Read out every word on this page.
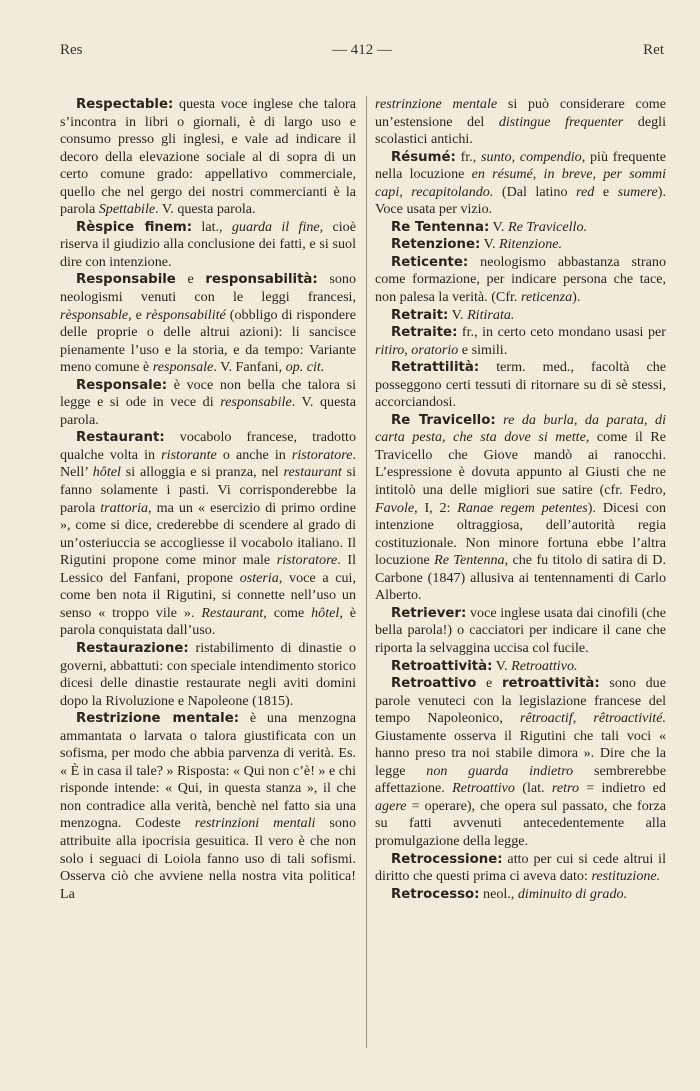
Res	— 412 —	Ret

Respectable: questa voce inglese che talora s’incontra in libri o giornali, è di largo uso e consumo presso gli inglesi, e vale ad indicare il decoro della elevazione sociale al di sopra di un certo comune grado: appellativo commerciale, quello che nel gergo dei nostri commercianti è la parola Spettabile. V. questa parola.

Rèspice finem: lat., guarda il fine, cioè riserva il giudizio alla conclusione dei fatti, e si suol dire con intenzione.

Responsabile e responsabilità: sono neologismi venuti con le leggi francesi, rèsponsable, e rèsponsabilité (obbligo di rispondere delle proprie o delle altrui azioni): li sancisce pienamente l’uso e la storia, e da tempo: Variante meno comune è responsale. V. Fanfani, op. cit.

Responsale: è voce non bella che talora si legge e si ode in vece di responsabile. V. questa parola.

Restaurant: vocabolo francese, tradotto qualche volta in ristorante o anche in ristoratore. Nell’ hôtel si alloggia e si pranza, nel restaurant si fanno solamente i pasti. Vi corrisponderebbe la parola trattoria, ma un « esercizio di primo ordine », come si dice, crederebbe di scendere al grado di un’osteriuccia se accogliesse il vocabolo italiano. Il Rigutini propone come minor male ristoratore. Il Lessico del Fanfani, propone osteria, voce a cui, come ben nota il Rigutini, si connette nell’uso un senso « troppo vile ». Restaurant, come hôtel, è parola conquistata dall’uso.

Restaurazione: ristabilimento di dinastie o governi, abbattuti: con speciale intendimento storico dicesi delle dinastie restaurate negli aviti domini dopo la Rivoluzione e Napoleone (1815).

Restrizione mentale: è una menzogna ammantata o larvata o talora giustificata con un sofisma, per modo che abbia parvenza di verità. Es. « È in casa il tale? » Risposta: « Qui non c’è! » e chi risponde intende: « Qui, in questa stanza », il che non contradice alla verità, benchè nel fatto sia una menzogna. Codeste restrinzioni mentali sono attribuite alla ipocrisia gesuitica. Il vero è che non solo i seguaci di Loiola fanno uso di tali sofismi. Osserva ciò che avviene nella nostra vita politica! La

restrinzione mentale si può considerare come un’estensione del distingue frequenter degli scolastici antichi.

Résumé: fr., sunto, compendio, più frequente nella locuzione en résumé, in breve, per sommi capi, recapitolando. (Dal latino red e sumere). Voce usata per vizio.

Re Tentenna: V. Re Travicello.

Retenzione: V. Ritenzione.

Reticente: neologismo abbastanza strano come formazione, per indicare persona che tace, non palesa la verità. (Cfr. reticenza).

Retrait: V. Ritirata.

Retraite: fr., in certo ceto mondano usasi per ritiro, oratorio e simili.

Retrattilità: term. med., facoltà che posseggono certi tessuti di ritornare su di sè stessi, accorciandosi.

Re Travicello: re da burla, da parata, di carta pesta, che sta dove si mette, come il Re Travicello che Giove mandò ai ranocchi. L’espressione è dovuta appunto al Giusti che ne intitolò una delle migliori sue satire (cfr. Fedro, Favole, I, 2: Ranae regem petentes). Dicesi con intenzione oltraggiosa, dell’autorità regia costituzionale. Non minore fortuna ebbe l’altra locuzione Re Tentenna, che fu titolo di satira di D. Carbone (1847) allusiva ai tentennamenti di Carlo Alberto.

Retriever: voce inglese usata dai cinofili (che bella parola!) o cacciatori per indicare il cane che riporta la selvaggina uccisa col fucile.

Retroattività: V. Retroattivo.

Retroattivo e retroattività: sono due parole venuteci con la legislazione francese del tempo Napoleonico, rêtroactif, rêtroactivité. Giustamente osserva il Rigutini che tali voci « hanno preso tra noi stabile dimora ». Dire che la legge non guarda indietro sembrerebbe affettazione. Retroattivo (lat. retro = indietro ed agere = operare), che opera sul passato, che forza su fatti avvenuti antecedentemente alla promulgazione della legge.

Retrocessione: atto per cui si cede altrui il diritto che questi prima ci aveva dato: restituzione.

Retrocesso: neol., diminuito di grado.
